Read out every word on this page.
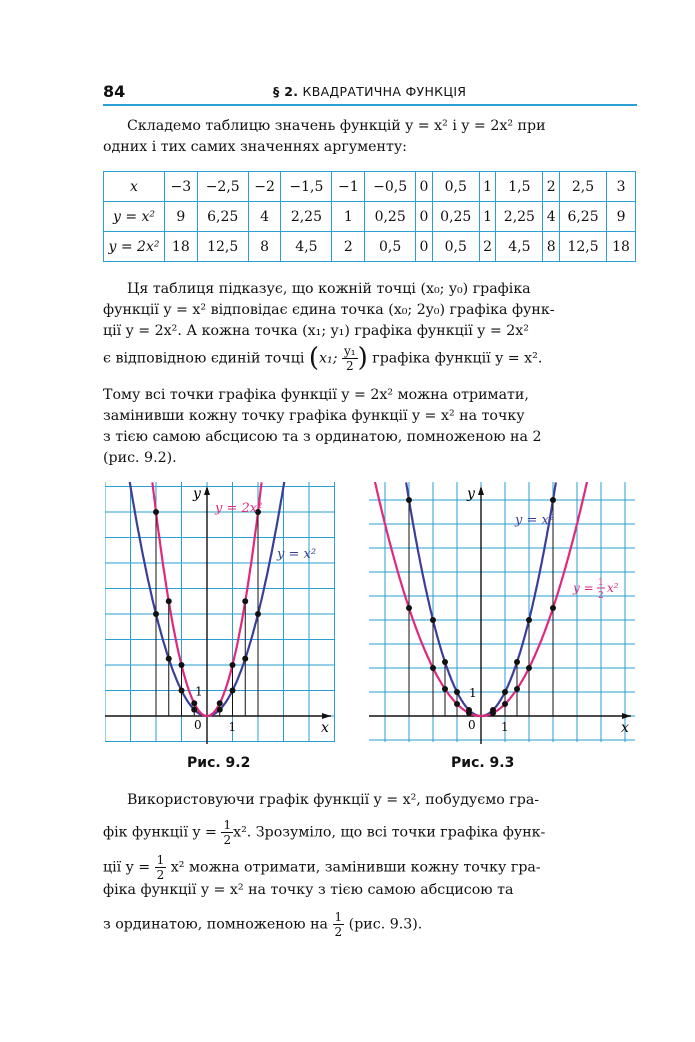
84	§ 2. КВАДРАТИЧНА ФУНКЦІЯ
Складемо таблицю значень функцій y = x² і y = 2x² при
одних і тих самих значеннях аргументу:
x	−3	−2,5	−2	−1,5	−1	−0,5	0	0,5	1	1,5	2	2,5	3
y = x²	9	6,25	4	2,25	1	0,25	0	0,25	1	2,25	4	6,25	9
y = 2x²	18	12,5	8	4,5	2	0,5	0	0,5	2	4,5	8	12,5	18
Ця таблиця підказує, що кожній точці (x₀; y₀) графіка
функції y = x² відповідає єдина точка (x₀; 2y₀) графіка функ-
ції y = 2x². А кожна точка (x₁; y₁) графіка функції y = 2x²
є відповідною єдиній точці (x₁; $\frac{\text{y₁}}{2}$ ) графіка функції y = x².
Тому всі точки графіка функції y = 2x² можна отримати,
замінивши кожну точку графіка функції y = x² на точку
з тією самою абсцисою та з ординатою, помноженою на 2
(рис. 9.2).
x
y
0 1
1
y = 2x²
y = x²
Рис. 9.2
x
y
0 1
1
y = x²
y = 1
2
x²
Рис. 9.3
Використовуючи графік функції y = x², побудуємо гра-
фік функції $y = \frac{1}{2} x^2$. Зрозуміло, що всі точки графіка функ-
ції $y = \frac{1}{2} x^2$ можна отримати, замінивши кожну точку гра-
фіка функції y = x² на точку з тією самою абсцисою та
з ординатою, помноженою на $\frac{1}{2} (рис$. 9.3).
